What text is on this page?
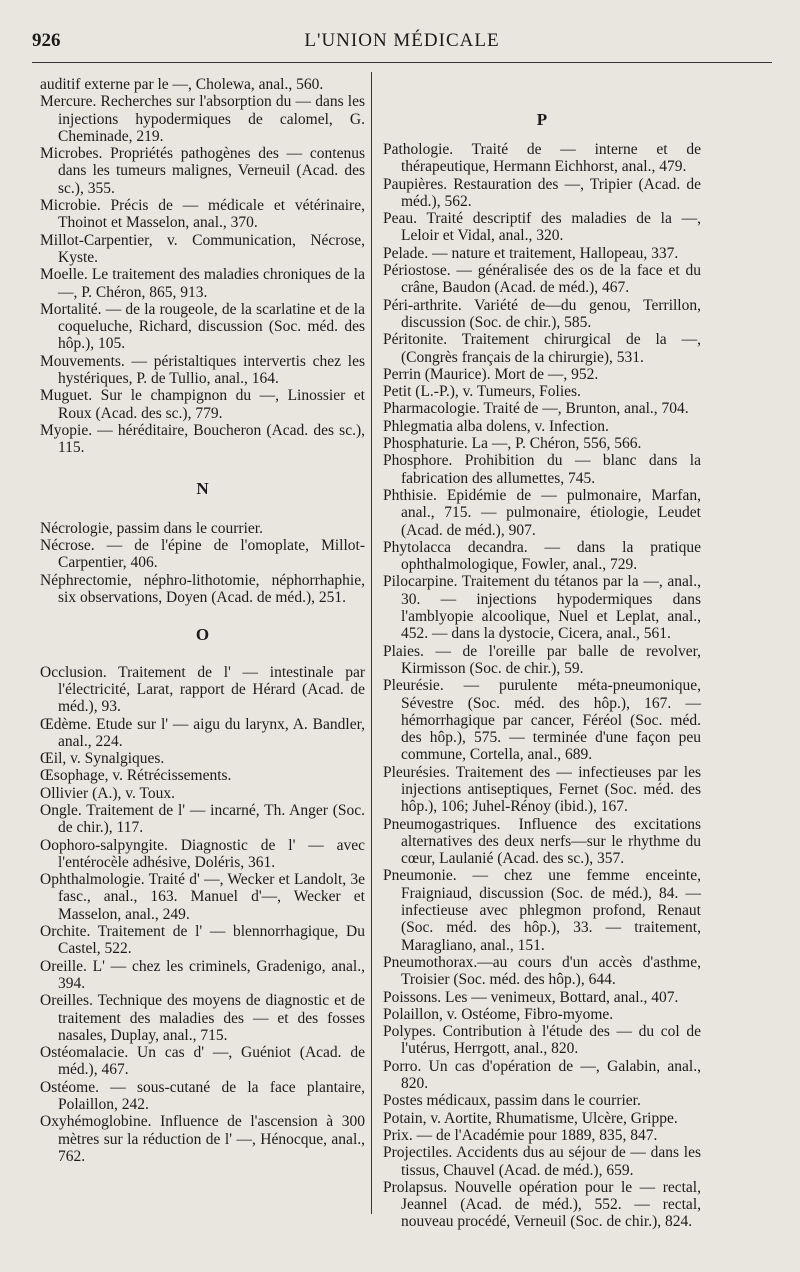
926	L'UNION MÉDICALE

auditif externe par le —, Cholewa, anal., 560.

Mercure. Recherches sur l'absorption du — dans les injections hypodermiques de calomel, G. Cheminade, 219.

Microbes. Propriétés pathogènes des — contenus dans les tumeurs malignes, Verneuil (Acad. des sc.), 355.

Microbie. Précis de — médicale et vétérinaire, Thoinot et Masselon, anal., 370.

Millot-Carpentier, v. Communication, Nécrose, Kyste.

Moelle. Le traitement des maladies chroniques de la —, P. Chéron, 865, 913.

Mortalité. — de la rougeole, de la scarlatine et de la coqueluche, Richard, discussion (Soc. méd. des hôp.), 105.

Mouvements. — péristaltiques intervertis chez les hystériques, P. de Tullio, anal., 164.

Muguet. Sur le champignon du —, Linossier et Roux (Acad. des sc.), 779.

Myopie. — héréditaire, Boucheron (Acad. des sc.), 115.

N

Nécrologie, passim dans le courrier.

Nécrose. — de l'épine de l'omoplate, Millot-Carpentier, 406.

Néphrectomie, néphro-lithotomie, néphorrhaphie, six observations, Doyen (Acad. de méd.), 251.

O

Occlusion. Traitement de l' — intestinale par l'électricité, Larat, rapport de Hérard (Acad. de méd.), 93.

Œdème. Etude sur l' — aigu du larynx, A. Bandler, anal., 224.

Œil, v. Synalgiques.

Œsophage, v. Rétrécissements.

Ollivier (A.), v. Toux.

Ongle. Traitement de l' — incarné, Th. Anger (Soc. de chir.), 117.

Oophoro-salpyngite. Diagnostic de l' — avec l'entérocèle adhésive, Doléris, 361.

Ophthalmologie. Traité d' —, Wecker et Landolt, 3e fasc., anal., 163. Manuel d'—, Wecker et Masselon, anal., 249.

Orchite. Traitement de l' — blennorrhagique, Du Castel, 522.

Oreille. L' — chez les criminels, Gradenigo, anal., 394.

Oreilles. Technique des moyens de diagnostic et de traitement des maladies des — et des fosses nasales, Duplay, anal., 715.

Ostéomalacie. Un cas d' —, Guéniot (Acad. de méd.), 467.

Ostéome. — sous-cutané de la face plantaire, Polaillon, 242.

Oxyhémoglobine. Influence de l'ascension à 300 mètres sur la réduction de l' —, Hénocque, anal., 762.

P

Pathologie. Traité de — interne et de thérapeutique, Hermann Eichhorst, anal., 479.

Paupières. Restauration des —, Tripier (Acad. de méd.), 562.

Peau. Traité descriptif des maladies de la —, Leloir et Vidal, anal., 320.

Pelade. — nature et traitement, Hallopeau, 337.

Périostose. — généralisée des os de la face et du crâne, Baudon (Acad. de méd.), 467.

Péri-arthrite. Variété de—du genou, Terrillon, discussion (Soc. de chir.), 585.

Péritonite. Traitement chirurgical de la —, (Congrès français de la chirurgie), 531.

Perrin (Maurice). Mort de —, 952.

Petit (L.-P.), v. Tumeurs, Folies.

Pharmacologie. Traité de —, Brunton, anal., 704.

Phlegmatia alba dolens, v. Infection.

Phosphaturie. La —, P. Chéron, 556, 566.

Phosphore. Prohibition du — blanc dans la fabrication des allumettes, 745.

Phthisie. Epidémie de — pulmonaire, Marfan, anal., 715. — pulmonaire, étiologie, Leudet (Acad. de méd.), 907.

Phytolacca decandra. — dans la pratique ophthalmologique, Fowler, anal., 729.

Pilocarpine. Traitement du tétanos par la —, anal., 30. — injections hypodermiques dans l'amblyopie alcoolique, Nuel et Leplat, anal., 452. — dans la dystocie, Cicera, anal., 561.

Plaies. — de l'oreille par balle de revolver, Kirmisson (Soc. de chir.), 59.

Pleurésie. — purulente méta-pneumonique, Sévestre (Soc. méd. des hôp.), 167. —hémorrhagique par cancer, Féréol (Soc. méd. des hôp.), 575. — terminée d'une façon peu commune, Cortella, anal., 689.

Pleurésies. Traitement des — infectieuses par les injections antiseptiques, Fernet (Soc. méd. des hôp.), 106; Juhel-Rénoy (ibid.), 167.

Pneumogastriques. Influence des excitations alternatives des deux nerfs—sur le rhythme du cœur, Laulanié (Acad. des sc.), 357.

Pneumonie. — chez une femme enceinte, Fraigniaud, discussion (Soc. de méd.), 84. — infectieuse avec phlegmon profond, Renaut (Soc. méd. des hôp.), 33. — traitement, Maragliano, anal., 151.

Pneumothorax.—au cours d'un accès d'asthme, Troisier (Soc. méd. des hôp.), 644.

Poissons. Les — venimeux, Bottard, anal., 407.

Polaillon, v. Ostéome, Fibro-myome.

Polypes. Contribution à l'étude des — du col de l'utérus, Herrgott, anal., 820.

Porro. Un cas d'opération de —, Galabin, anal., 820.

Postes médicaux, passim dans le courrier.

Potain, v. Aortite, Rhumatisme, Ulcère, Grippe.

Prix. — de l'Académie pour 1889, 835, 847.

Projectiles. Accidents dus au séjour de — dans les tissus, Chauvel (Acad. de méd.), 659.

Prolapsus. Nouvelle opération pour le — rectal, Jeannel (Acad. de méd.), 552. — rectal, nouveau procédé, Verneuil (Soc. de chir.), 824.
